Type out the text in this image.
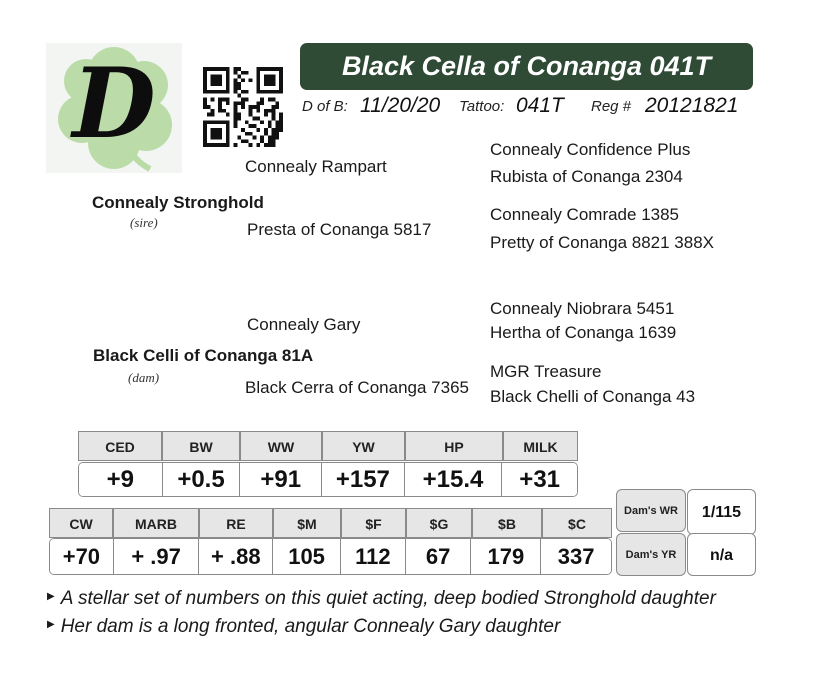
D	Black Cella of Conanga 041T
D of B: 11/20/20 Tattoo: 041T Reg # 20121821
Connealy Rampart
Connealy Confidence Plus
Rubista of Conanga 2304
Connealy Stronghold
(sire)	Presta of Conanga 5817
Connealy Comrade 1385
Pretty of Conanga 8821 388X
Connealy Niobrara 5451
Connealy Gary	Hertha of Conanga 1639
Black Celli of Conanga 81A
MGR Treasure
(dam)
Black Cerra of Conanga 7365 Black Chelli of Conanga 43
CED	BW	WW	YW	HP	MILK
+9	+0.5	+91	+157	+15.4	+31
CW	MARB	RE	$M	$F	$G	$B	$C
+70	+ .97	+ .88	105	112	67	179	337
Dam's WR	1/115
Dam's YR	n/a
▶ A stellar set of numbers on this quiet acting, deep bodied Stronghold daughter
▶ Her dam is a long fronted, angular Connealy Gary daughter
